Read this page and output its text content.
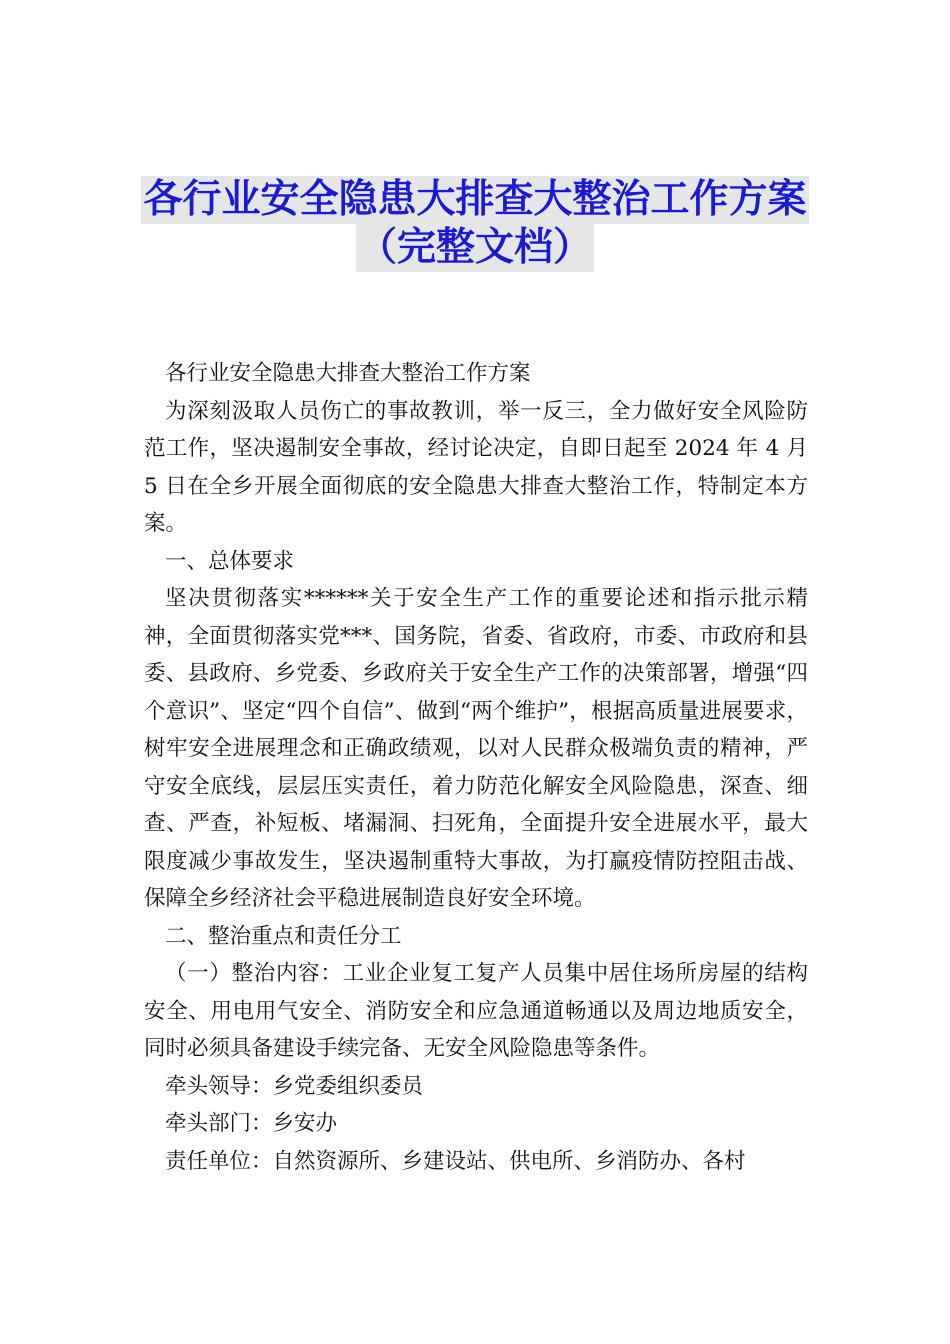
各行业安全隐患大排查大整治工作方案
（完整文档）

各行业安全隐患大排查大整治工作方案

为深刻汲取人员伤亡的事故教训，举一反三，全力做好安全风险防范工作，坚决遏制安全事故，经讨论决定，自即日起至 2024 年 4 月 5 日在全乡开展全面彻底的安全隐患大排查大整治工作，特制定本方案。

一、总体要求

坚决贯彻落实******关于安全生产工作的重要论述和指示批示精神，全面贯彻落实党***、国务院，省委、省政府，市委、市政府和县委、县政府、乡党委、乡政府关于安全生产工作的决策部署，增强“四个意识”、坚定“四个自信”、做到“两个维护”，根据高质量进展要求，树牢安全进展理念和正确政绩观，以对人民群众极端负责的精神，严守安全底线，层层压实责任，着力防范化解安全风险隐患，深查、细查、严查，补短板、堵漏洞、扫死角，全面提升安全进展水平，最大限度减少事故发生，坚决遏制重特大事故，为打赢疫情防控阻击战、保障全乡经济社会平稳进展制造良好安全环境。

二、整治重点和责任分工

（一）整治内容：工业企业复工复产人员集中居住场所房屋的结构安全、用电用气安全、消防安全和应急通道畅通以及周边地质安全，同时必须具备建设手续完备、无安全风险隐患等条件。

牵头领导：乡党委组织委员

牵头部门：乡安办

责任单位：自然资源所、乡建设站、供电所、乡消防办、各村
